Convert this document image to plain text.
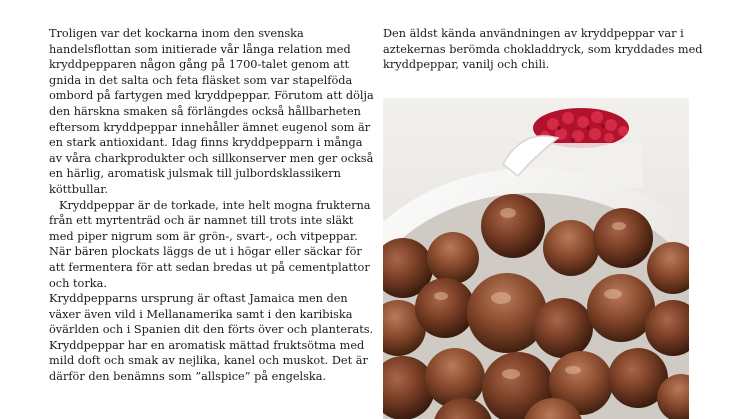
Troligen var det kockarna inom den svenska handelsflottan som initierade vår långa relation med kryddpepparen någon gång på 1700-talet genom att gnida in det salta och feta fläsket som var stapelföda ombord på fartygen med kryddpeppar. Förutom att dölja den härskna smaken så förlängdes också hållbarheten eftersom kryddpeppar innehåller ämnet eugenol som är en stark antioxidant. Idag finns kryddpepparn i många av våra charkprodukter och sillkonserver men ger också en härlig, aromatisk julsmak till julbordsklassikern köttbullar.

Kryddpeppar är de torkade, inte helt mogna frukterna från ett myrtenträd och är namnet till trots inte släkt med piper nigrum som är grön-, svart-, och vitpeppar. När bären plockats läggs de ut i högar eller säckar för att fermentera för att sedan bredas ut på cementplattor och torka.

Kryddpepparns ursprung är oftast Jamaica men den växer även vild i Mellanamerika samt i den karibiska övärlden och i Spanien dit den förts över och planterats. Kryddpeppar har en aromatisk mättad fruktsötma med mild doft och smak av nejlika, kanel och muskot. Det är därför den benämns som ”allspice” på engelska.

Den äldst kända användningen av kryddpeppar var i aztekernas berömda chokladdryck, som kryddades med kryddpeppar, vanilj och chili.
